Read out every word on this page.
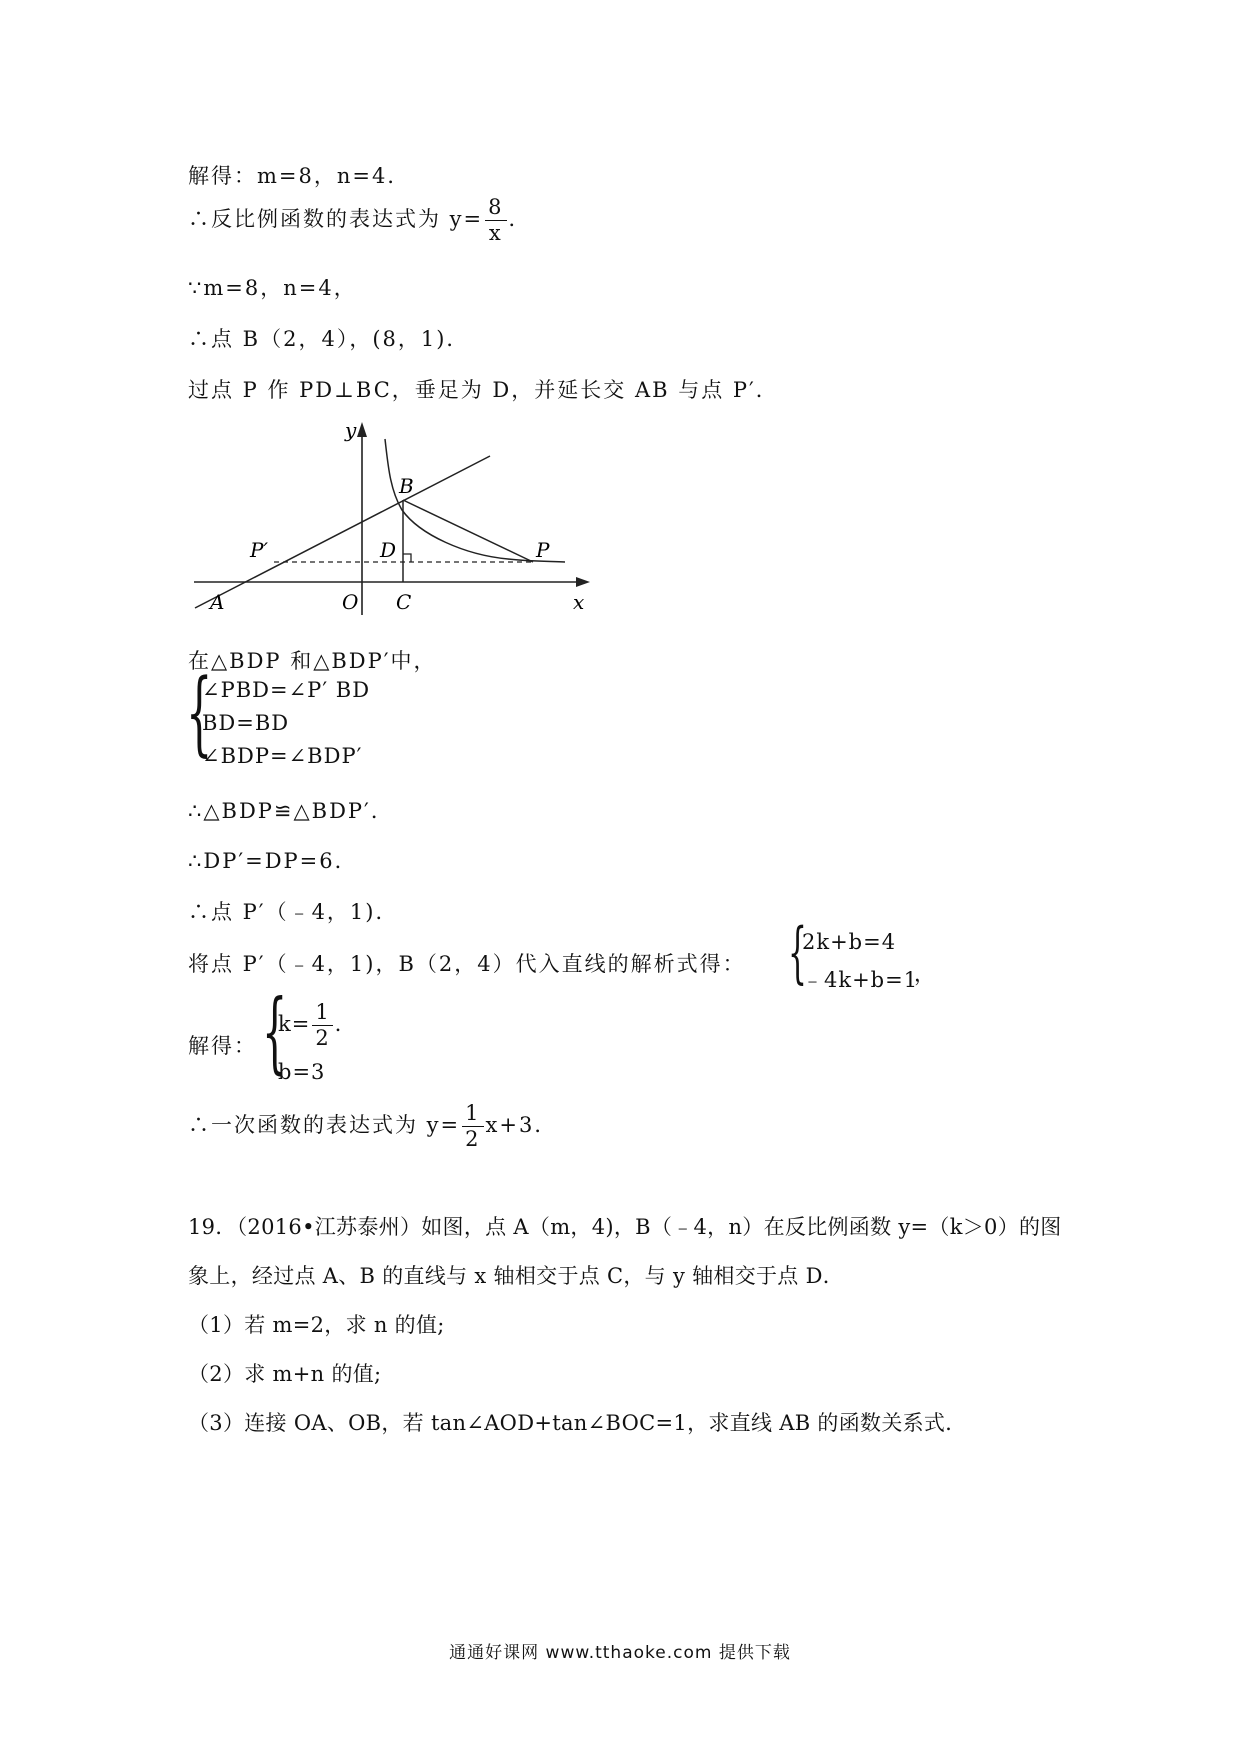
解得：m=8，n=4．
∴反比例函数的表达式为 $y= \frac{8}{x}$ ．
∵m=8，n=4，
∴点 B（2，4），(8，1)．
过点 P 作 PD⊥BC，垂足为 D，并延长交 AB 与点 P′．
y
B
P
P′	D
A	O C	x
在△BDP 和△BDP′中，
{
∠PBD=∠P′ BD
BD=BD
∠BDP=∠BDP′
∴△BDP≌△BDP′．
∴DP′=DP=6．
∴点 P′（﹣4，1)．
将点 P′（﹣4，1)，B（2，4）代入直线的解析式得： {
2k+b=4
﹣4k+b=1
，
解得： {
$k= \frac{1}{2}$ ．
b=3
∴一次函数的表达式为 $y= \frac{1}{2} x+3$．
19．（2016•江苏泰州）如图，点 A（m，4)，B（﹣4，n）在反比例函数 y=（k＞0）的图
象上，经过点 A、B 的直线与 x 轴相交于点 C，与 y 轴相交于点 D．
（1）若 m=2，求 n 的值;
（2）求 m+n 的值;
（3）连接 OA、OB，若 tan∠AOD+tan∠BOC=1，求直线 AB 的函数关系式．
通通好课网 www.tthaoke.com 提供下载
